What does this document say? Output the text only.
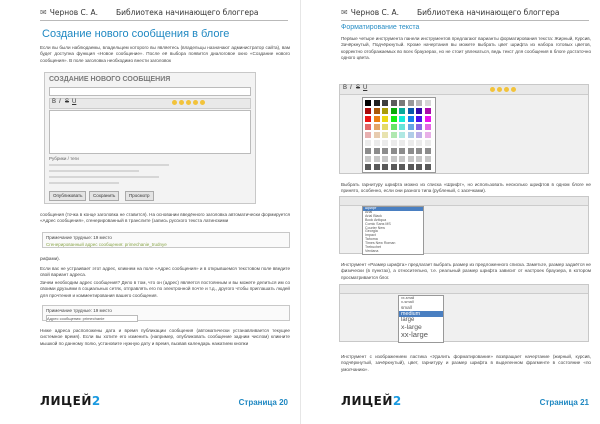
✉ Чернов С. А. Библиотека начинающего блоггера
Создание нового сообщения в блоге
Если вы были наблюдаемы, владельцем которого вы являетесь (владельцы назначают администратор сайта), вам будет доступна функция «Новое сообщение». После её выбора появится диалоговое окно «Создание нового сообщения». В поле заголовка необходимо внести заголовок
СОЗДАНИЕ НОВОГО СООБЩЕНИЯ
B I S U
Рубрики / теги
Опубликовать	Сохранить	Просмотр
сообщения (точка в конце заголовка не ставится). На основании введённого заголовка автоматически формируется «Адрес сообщения», сгенерированный в транслите (запись русского текста латинскими
Примечание трудные: 19 место
Сгенерированный адрес сообщения: primechanie_trudnye
рифами).
Если вас не устраивает этот адрес, кликнем на поле «Адрес сообщения» и в открывшемся текстовом поле введите свой вариант адреса.
Зачем необходим адрес сообщения? Дело в том, что он (адрес) является постоянным и вы можете делиться им со своими друзьями в социальных сетях, отправлять его по электронной почте и т.д., другого чтобы приглашать людей для прочтения и комментирования вашего сообщения.
Примечание трудные: 19 место
Адрес сообщения: primechanie
Ниже адреса расположены дата и время публикации сообщения (автоматически устанавливается текущее системное время). Если вы хотите его изменить (например, опубликовать сообщение задним числом) кликните мышкой по данному полю, установите нужную дату и время, вызвав календарь нажатием кнопки
ЛИЦЕЙ2	Страница 20
✉ Чернов С. А. Библиотека начинающего блоггера
Форматирование текста
Первые четыре инструмента панели инструментов предлагают варианты форматирования текста: Жирный, Курсив, Зачёркнутый, Подчёркнутый. Кроме начертания вы можете выбрать цвет шрифта из набора готовых цветов, корректно отображаемых во всех браузерах, но не стоит увлекаться, ведь текст для сообщения в блоге достаточно одного цвета.
B I S U
Выбрать гарнитуру шрифта можно из списка «Шрифт», но использовать несколько шрифтов в одном блоге не принято, особенно, если они разного типа (рубленый, с засечками).
шрифт
Arial
Arial Black
Book Antiqua
Comic Sans MS
Courier New
Georgia
Impact
Tahoma
Times New Roman
Trebuchet
Verdana
Инструмент «Размер шрифта» предлагает выбрать размер из предложенного списка. Заметьте, размер задаётся не физически (в пунктах), а относительно, т.е. реальный размер шрифта зависит от настроек браузера, в котором просматривается блог.
xx-small
x-small
small
medium
large
x-large
xx-large
Инструмент с изображением ластика «Удалить форматирование» возвращает начертание (жирный, курсив, подчёркнутый, зачёркнутый), цвет, гарнитуру и размер шрифта в выделенном фрагменте в состояние «по умолчанию».
ЛИЦЕЙ2	Страница 21
